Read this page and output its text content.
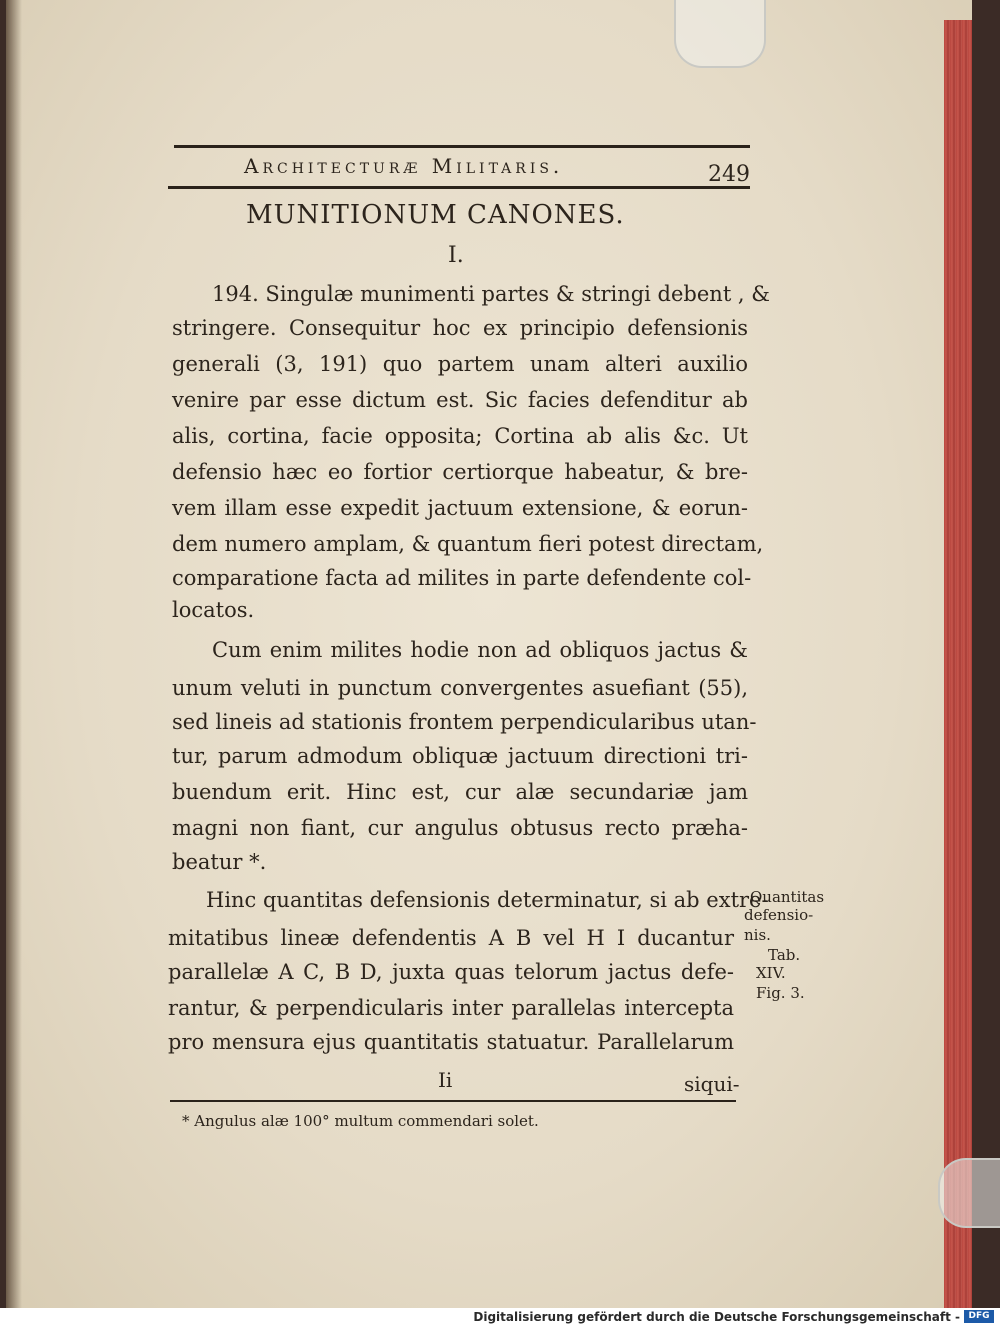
Architecturæ Militaris.	249
MUNITIONUM CANONES.
I.
194. Singulæ munimenti partes & stringi debent , &
stringere. Consequitur hoc ex principio defensionis
generali (3, 191) quo partem unam alteri auxilio
venire par esse dictum est. Sic facies defenditur ab
alis, cortina, facie opposita; Cortina ab alis &c. Ut
defensio hæc eo fortior certiorque habeatur, & bre-
vem illam esse expedit jactuum extensione, & eorun-
dem numero amplam, & quantum fieri potest directam,
comparatione facta ad milites in parte defendente col-
locatos.
Cum enim milites hodie non ad obliquos jactus &
unum veluti in punctum convergentes asuefiant (55),
sed lineis ad stationis frontem perpendicularibus utan-
tur, parum admodum obliquæ jactuum directioni tri-
buendum erit. Hinc est, cur alæ secundariæ jam
magni non fiant, cur angulus obtusus recto præha-
beatur *.
Hinc quantitas defensionis determinatur, si ab extre-
mitatibus lineæ defendentis A B vel H I ducantur
parallelæ A C, B D, juxta quas telorum jactus defe-
rantur, & perpendicularis inter parallelas intercepta
pro mensura ejus quantitatis statuatur. Parallelarum
Quantitas
defensio-
nis.
Tab.
XIV.
Fig. 3.
Ii	siqui-
* Angulus alæ 100° multum commendari solet.
Digitalisierung gefördert durch die Deutsche Forschungsgemeinschaft - DFG
